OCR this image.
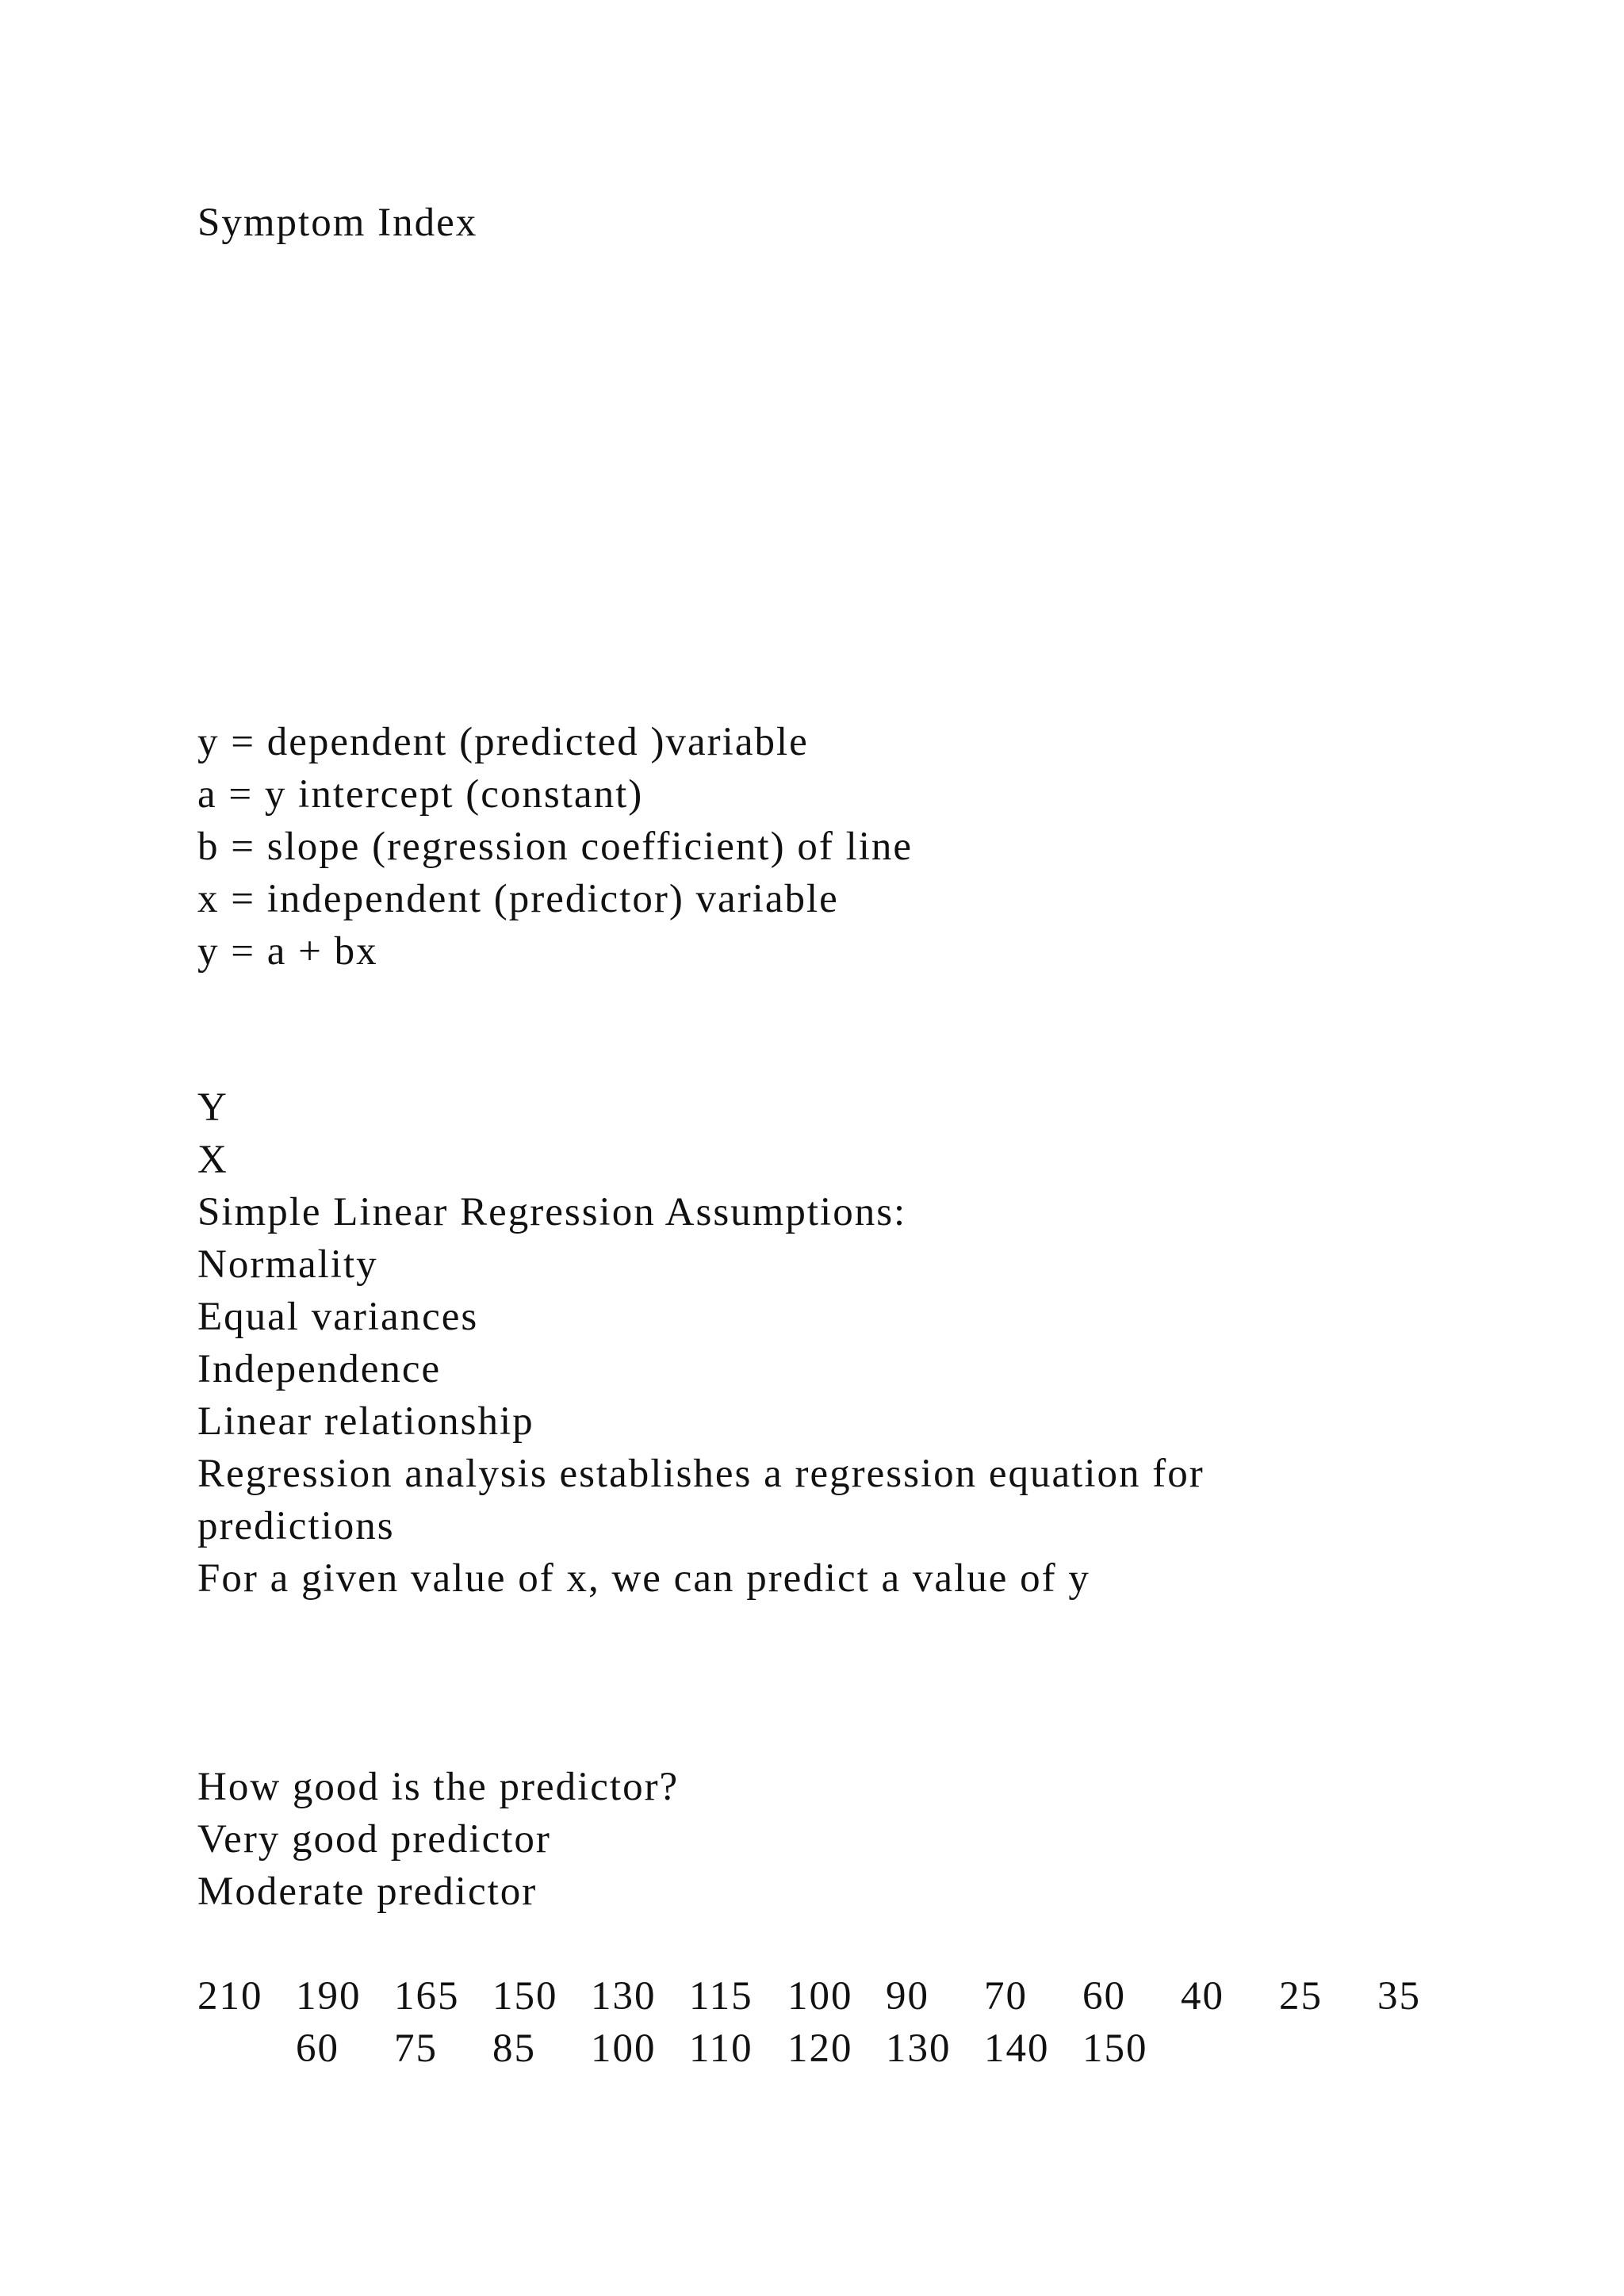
Symptom Index
y = dependent (predicted )variable
a = y intercept (constant)
b = slope (regression coefficient) of line
x = independent (predictor) variable
y = a + bx
Y
X
Simple Linear Regression Assumptions:
Normality
Equal variances
Independence
Linear relationship
Regression analysis establishes a regression equation for
predictions
For a given value of x, we can predict a value of y
How good is the predictor?
Very good predictor
Moderate predictor
210 190 165 150 130 115 100 90 70 60 40 25 35
60 75 85 100 110 120 130 140 150
